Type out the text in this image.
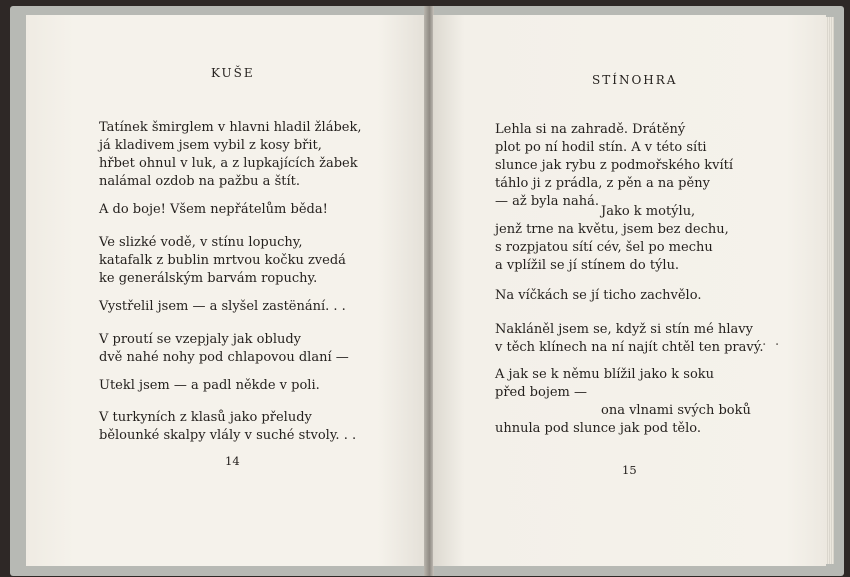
KUŠE
Tatínek šmirglem v hlavni hladil žlábek,
já kladivem jsem vybil z kosy břit,
hřbet ohnul v luk, a z lupkajících žabek
nalámal ozdob na pažbu a štít.
A do boje! Všem nepřátelům běda!
Ve slizké vodě, v stínu lopuchy,
katafalk z bublin mrtvou kočku zvedá
ke generálským barvám ropuchy.
Vystřelil jsem — a slyšel zastënání. . .
V proutí se vzepjaly jak obludy
dvě nahé nohy pod chlapovou dlaní —
Utekl jsem — a padl někde v poli.
V turkyních z klasů jako přeludy
bělounké skalpy vlály v suché stvoly. . .
14
STÍNOHRA
Lehla si na zahradě. Drátěný
plot po ní hodil stín. A v této síti
slunce jak rybu z podmořského kvítí
táhlo ji z prádla, z pěn a na pěny
— až byla nahá.
Jako k motýlu,
jenž trne na květu, jsem bez dechu,
s rozpjatou sítí cév, šel po mechu
a vplížil se jí stínem do týlu.
Na víčkách se jí ticho zachvělo.
Nakláněl jsem se, když si stín mé hlavy
v těch klínech na ní najít chtěl ten pravý.
· ·
A jak se k němu blížil jako k soku
před bojem —
ona vlnami svých boků
uhnula pod slunce jak pod tělo.
15
